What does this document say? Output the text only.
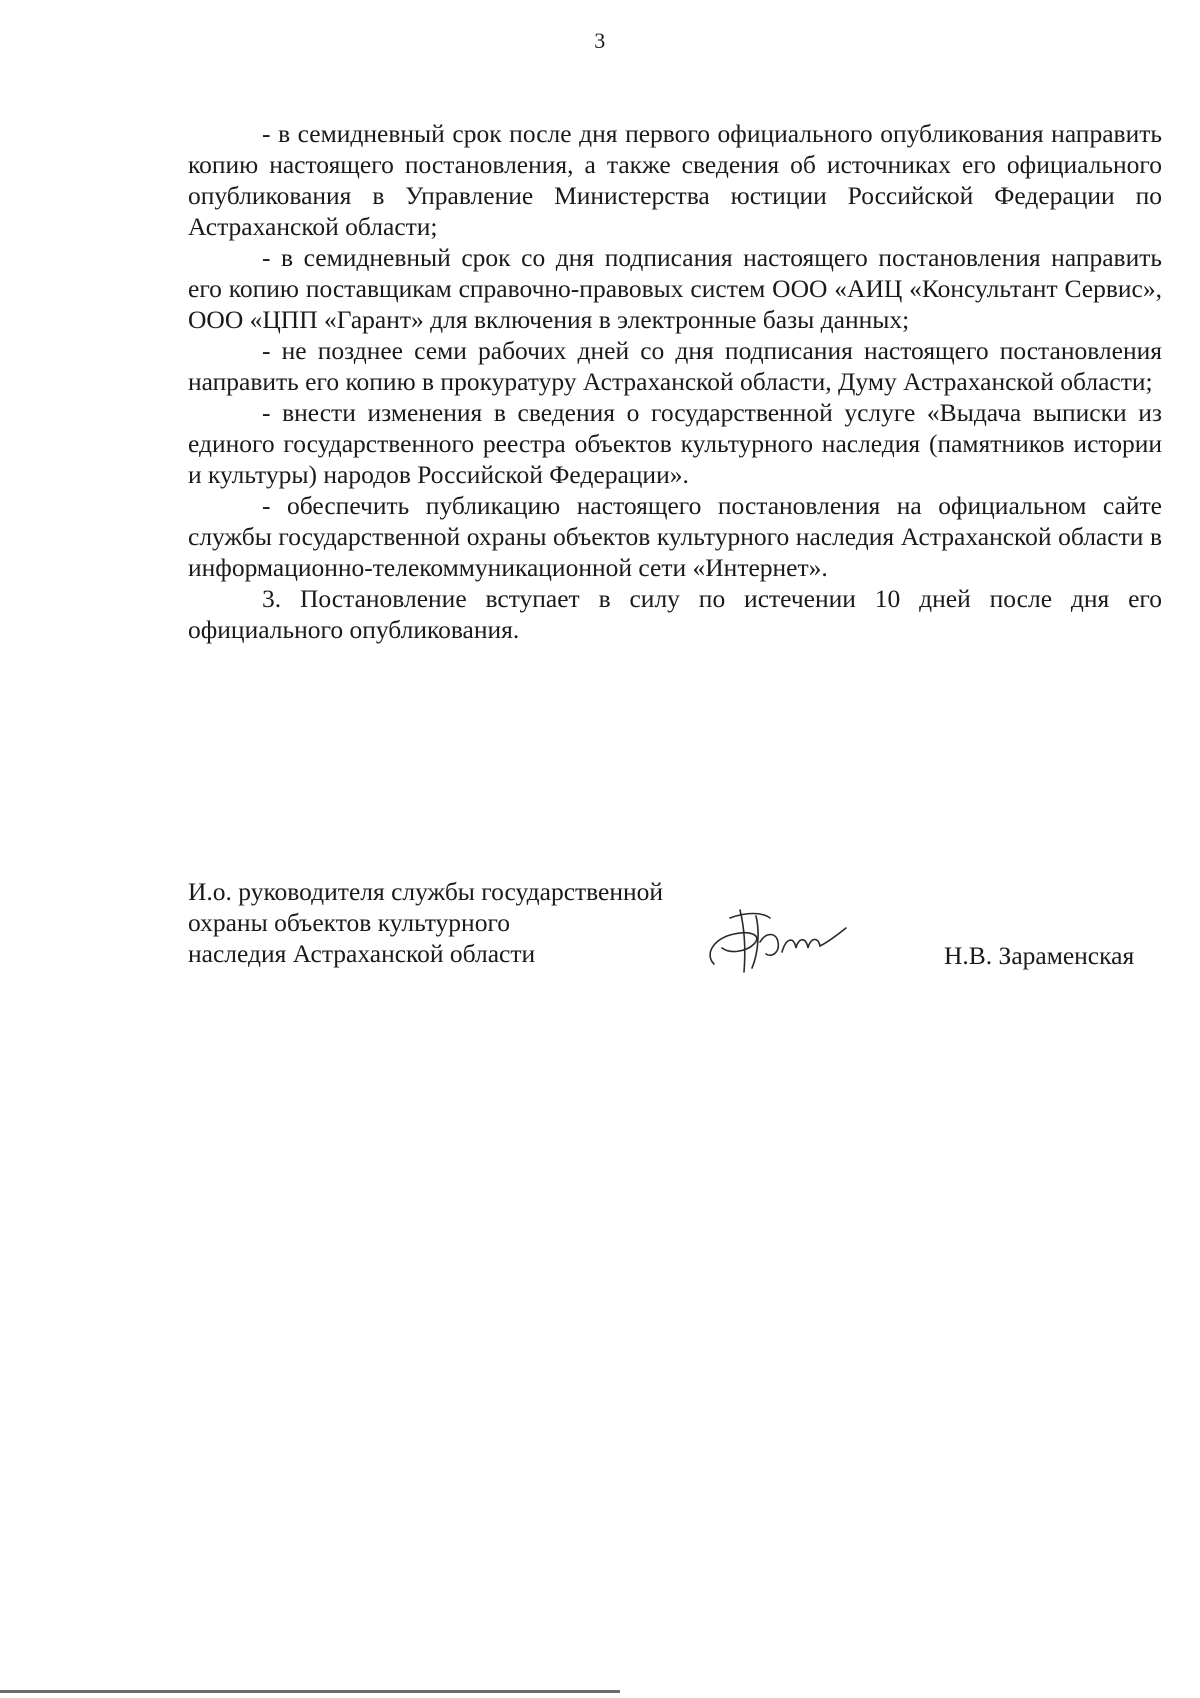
3

- в семидневный срок после дня первого официального опубликования направить копию настоящего постановления, а также сведения об источниках его официального опубликования в Управление Министерства юстиции Российской Федерации по Астраханской области;

- в семидневный срок со дня подписания настоящего постановления направить его копию поставщикам справочно-правовых систем ООО «АИЦ «Консультант Сервис», ООО «ЦПП «Гарант» для включения в электронные базы данных;

- не позднее семи рабочих дней со дня подписания настоящего постановления направить его копию в прокуратуру Астраханской области, Думу Астраханской области;

- внести изменения в сведения о государственной услуге «Выдача выписки из единого государственного реестра объектов культурного наследия (памятников истории и культуры) народов Российской Федерации».

- обеспечить публикацию настоящего постановления на официальном сайте службы государственной охраны объектов культурного наследия Астраханской области в информационно-телекоммуникационной сети «Интернет».

3. Постановление вступает в силу по истечении 10 дней после дня его официального опубликования.

И.о. руководителя службы государственной
охраны объектов культурного
наследия Астраханской области	Н.В. Зараменская
